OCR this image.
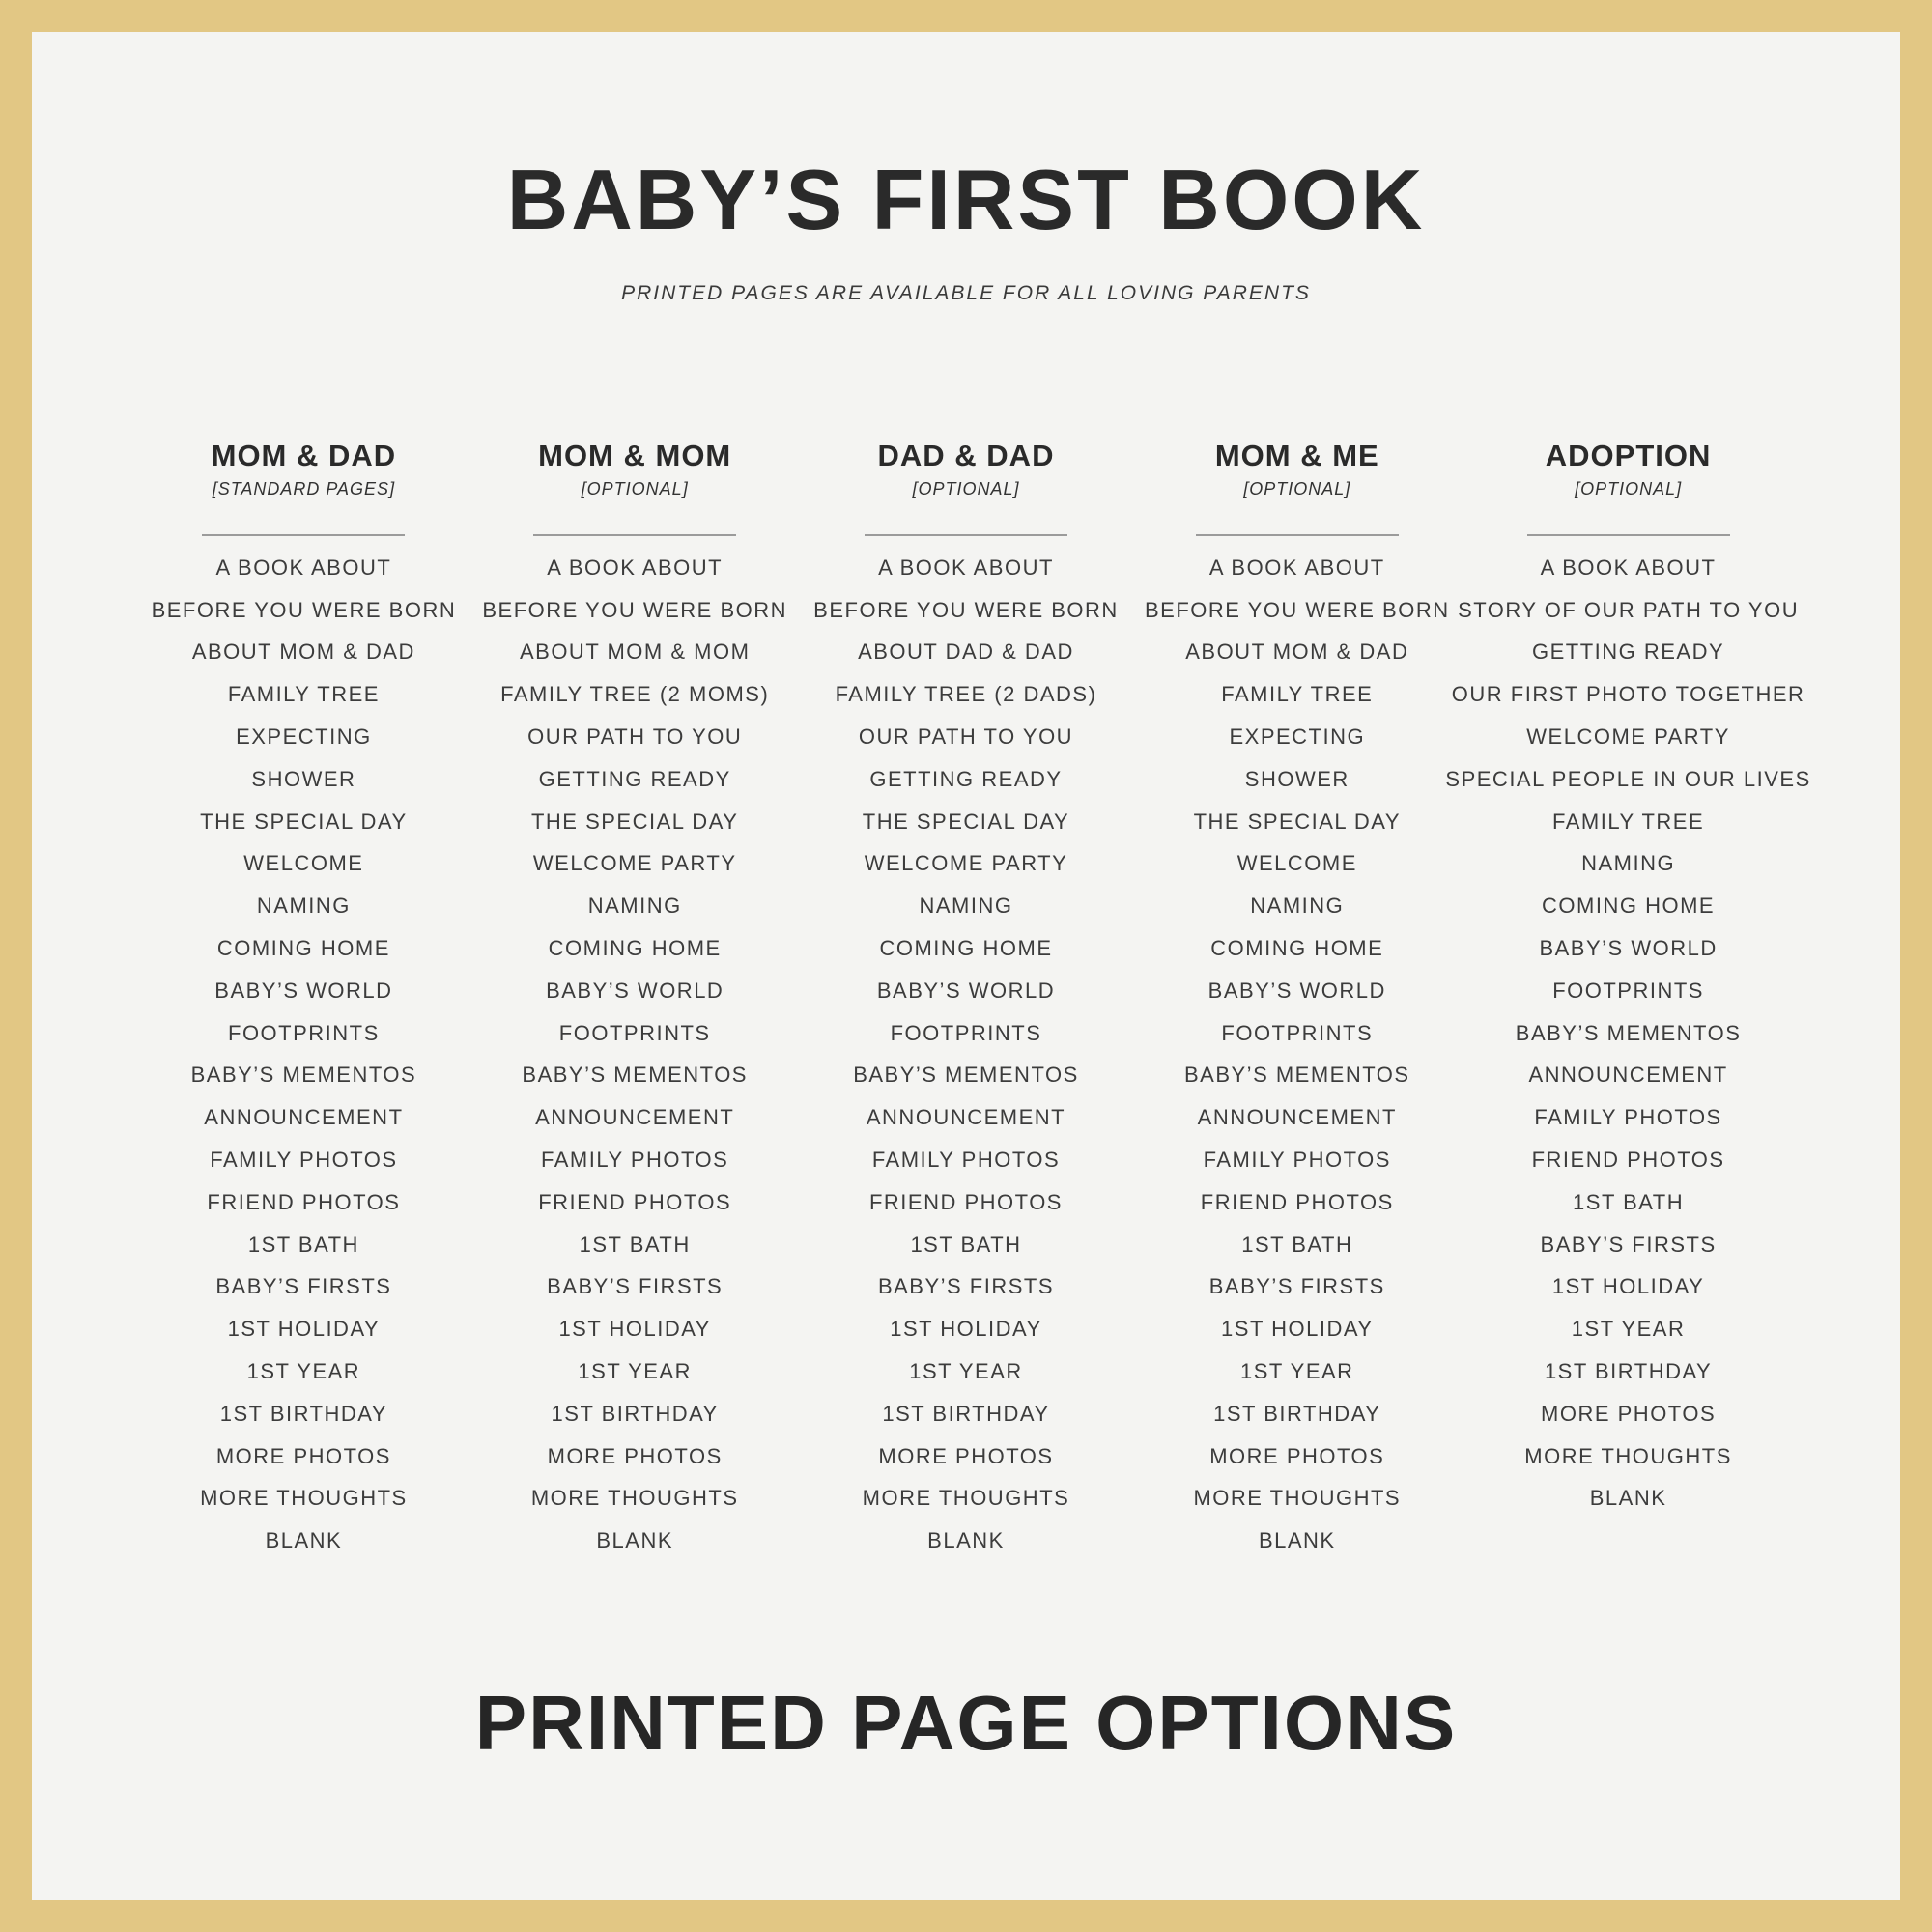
BABY’S FIRST BOOK

PRINTED PAGES ARE AVAILABLE FOR ALL LOVING PARENTS

MOM & DAD
[STANDARD PAGES]
A BOOK ABOUT
BEFORE YOU WERE BORN
ABOUT MOM & DAD
FAMILY TREE
EXPECTING
SHOWER
THE SPECIAL DAY
WELCOME
NAMING
COMING HOME
BABY’S WORLD
FOOTPRINTS
BABY’S MEMENTOS
ANNOUNCEMENT
FAMILY PHOTOS
FRIEND PHOTOS
1ST BATH
BABY’S FIRSTS
1ST HOLIDAY
1ST YEAR
1ST BIRTHDAY
MORE PHOTOS
MORE THOUGHTS
BLANK
MOM & MOM
[OPTIONAL]
A BOOK ABOUT
BEFORE YOU WERE BORN
ABOUT MOM & MOM
FAMILY TREE (2 MOMS)
OUR PATH TO YOU
GETTING READY
THE SPECIAL DAY
WELCOME PARTY
NAMING
COMING HOME
BABY’S WORLD
FOOTPRINTS
BABY’S MEMENTOS
ANNOUNCEMENT
FAMILY PHOTOS
FRIEND PHOTOS
1ST BATH
BABY’S FIRSTS
1ST HOLIDAY
1ST YEAR
1ST BIRTHDAY
MORE PHOTOS
MORE THOUGHTS
BLANK
DAD & DAD
[OPTIONAL]
A BOOK ABOUT
BEFORE YOU WERE BORN
ABOUT DAD & DAD
FAMILY TREE (2 DADS)
OUR PATH TO YOU
GETTING READY
THE SPECIAL DAY
WELCOME PARTY
NAMING
COMING HOME
BABY’S WORLD
FOOTPRINTS
BABY’S MEMENTOS
ANNOUNCEMENT
FAMILY PHOTOS
FRIEND PHOTOS
1ST BATH
BABY’S FIRSTS
1ST HOLIDAY
1ST YEAR
1ST BIRTHDAY
MORE PHOTOS
MORE THOUGHTS
BLANK
MOM & ME
[OPTIONAL]
A BOOK ABOUT
BEFORE YOU WERE BORN
ABOUT MOM & DAD
FAMILY TREE
EXPECTING
SHOWER
THE SPECIAL DAY
WELCOME
NAMING
COMING HOME
BABY’S WORLD
FOOTPRINTS
BABY’S MEMENTOS
ANNOUNCEMENT
FAMILY PHOTOS
FRIEND PHOTOS
1ST BATH
BABY’S FIRSTS
1ST HOLIDAY
1ST YEAR
1ST BIRTHDAY
MORE PHOTOS
MORE THOUGHTS
BLANK
ADOPTION
[OPTIONAL]
A BOOK ABOUT
STORY OF OUR PATH TO YOU
GETTING READY
OUR FIRST PHOTO TOGETHER
WELCOME PARTY
SPECIAL PEOPLE IN OUR LIVES
FAMILY TREE
NAMING
COMING HOME
BABY’S WORLD
FOOTPRINTS
BABY’S MEMENTOS
ANNOUNCEMENT
FAMILY PHOTOS
FRIEND PHOTOS
1ST BATH
BABY’S FIRSTS
1ST HOLIDAY
1ST YEAR
1ST BIRTHDAY
MORE PHOTOS
MORE THOUGHTS
BLANK
PRINTED PAGE OPTIONS
